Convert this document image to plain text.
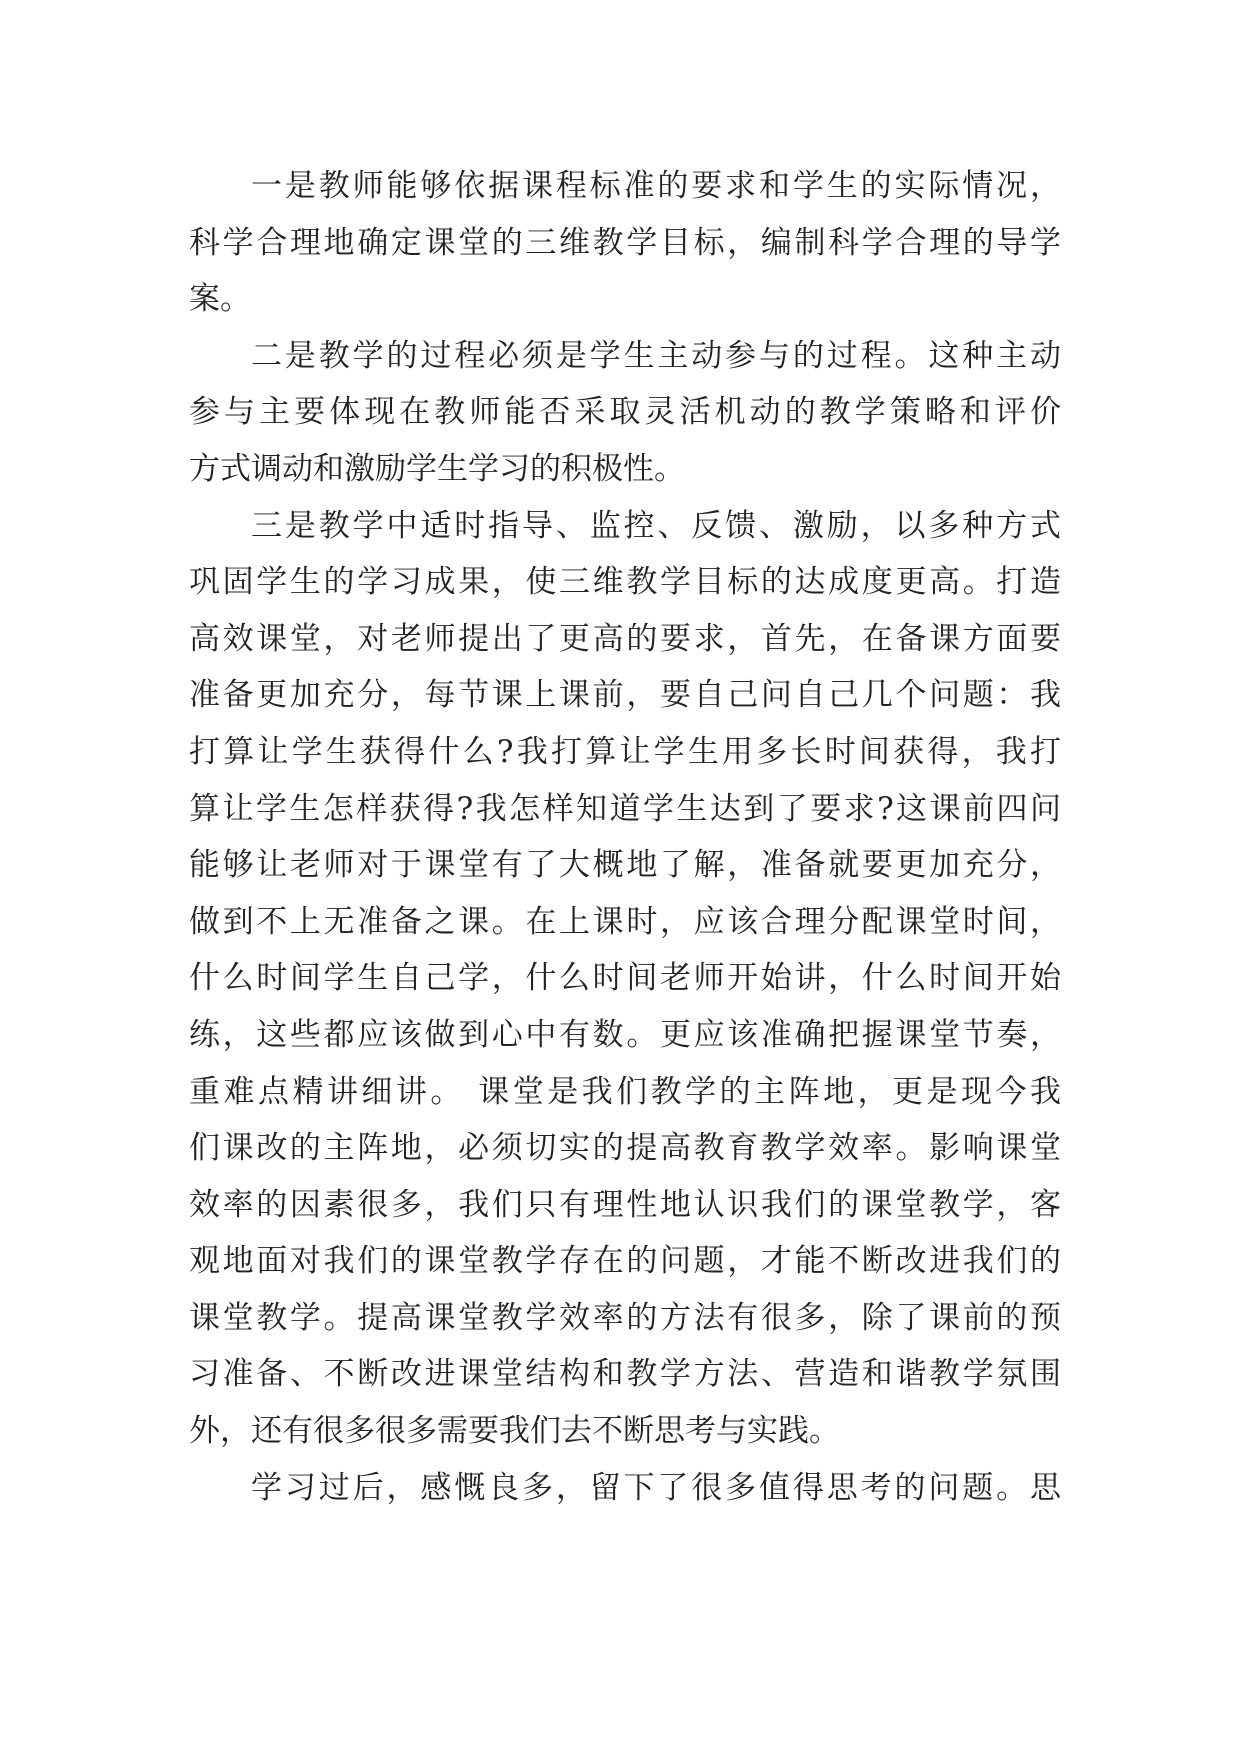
一是教师能够依据课程标准的要求和学生的实际情况，
科学合理地确定课堂的三维教学目标，编制科学合理的导学
案。
二是教学的过程必须是学生主动参与的过程。这种主动
参与主要体现在教师能否采取灵活机动的教学策略和评价
方式调动和激励学生学习的积极性。
三是教学中适时指导、监控、反馈、激励，以多种方式
巩固学生的学习成果，使三维教学目标的达成度更高。打造
高效课堂，对老师提出了更高的要求，首先，在备课方面要
准备更加充分，每节课上课前，要自己问自己几个问题：我
打算让学生获得什么?我打算让学生用多长时间获得，我打
算让学生怎样获得?我怎样知道学生达到了要求?这课前四问
能够让老师对于课堂有了大概地了解，准备就要更加充分，
做到不上无准备之课。在上课时，应该合理分配课堂时间，
什么时间学生自己学，什么时间老师开始讲，什么时间开始
练，这些都应该做到心中有数。更应该准确把握课堂节奏，
重难点精讲细讲。 课堂是我们教学的主阵地，更是现今我
们课改的主阵地，必须切实的提高教育教学效率。影响课堂
效率的因素很多，我们只有理性地认识我们的课堂教学，客
观地面对我们的课堂教学存在的问题，才能不断改进我们的
课堂教学。提高课堂教学效率的方法有很多，除了课前的预
习准备、不断改进课堂结构和教学方法、营造和谐教学氛围
外，还有很多很多需要我们去不断思考与实践。
学习过后，感慨良多，留下了很多值得思考的问题。思
